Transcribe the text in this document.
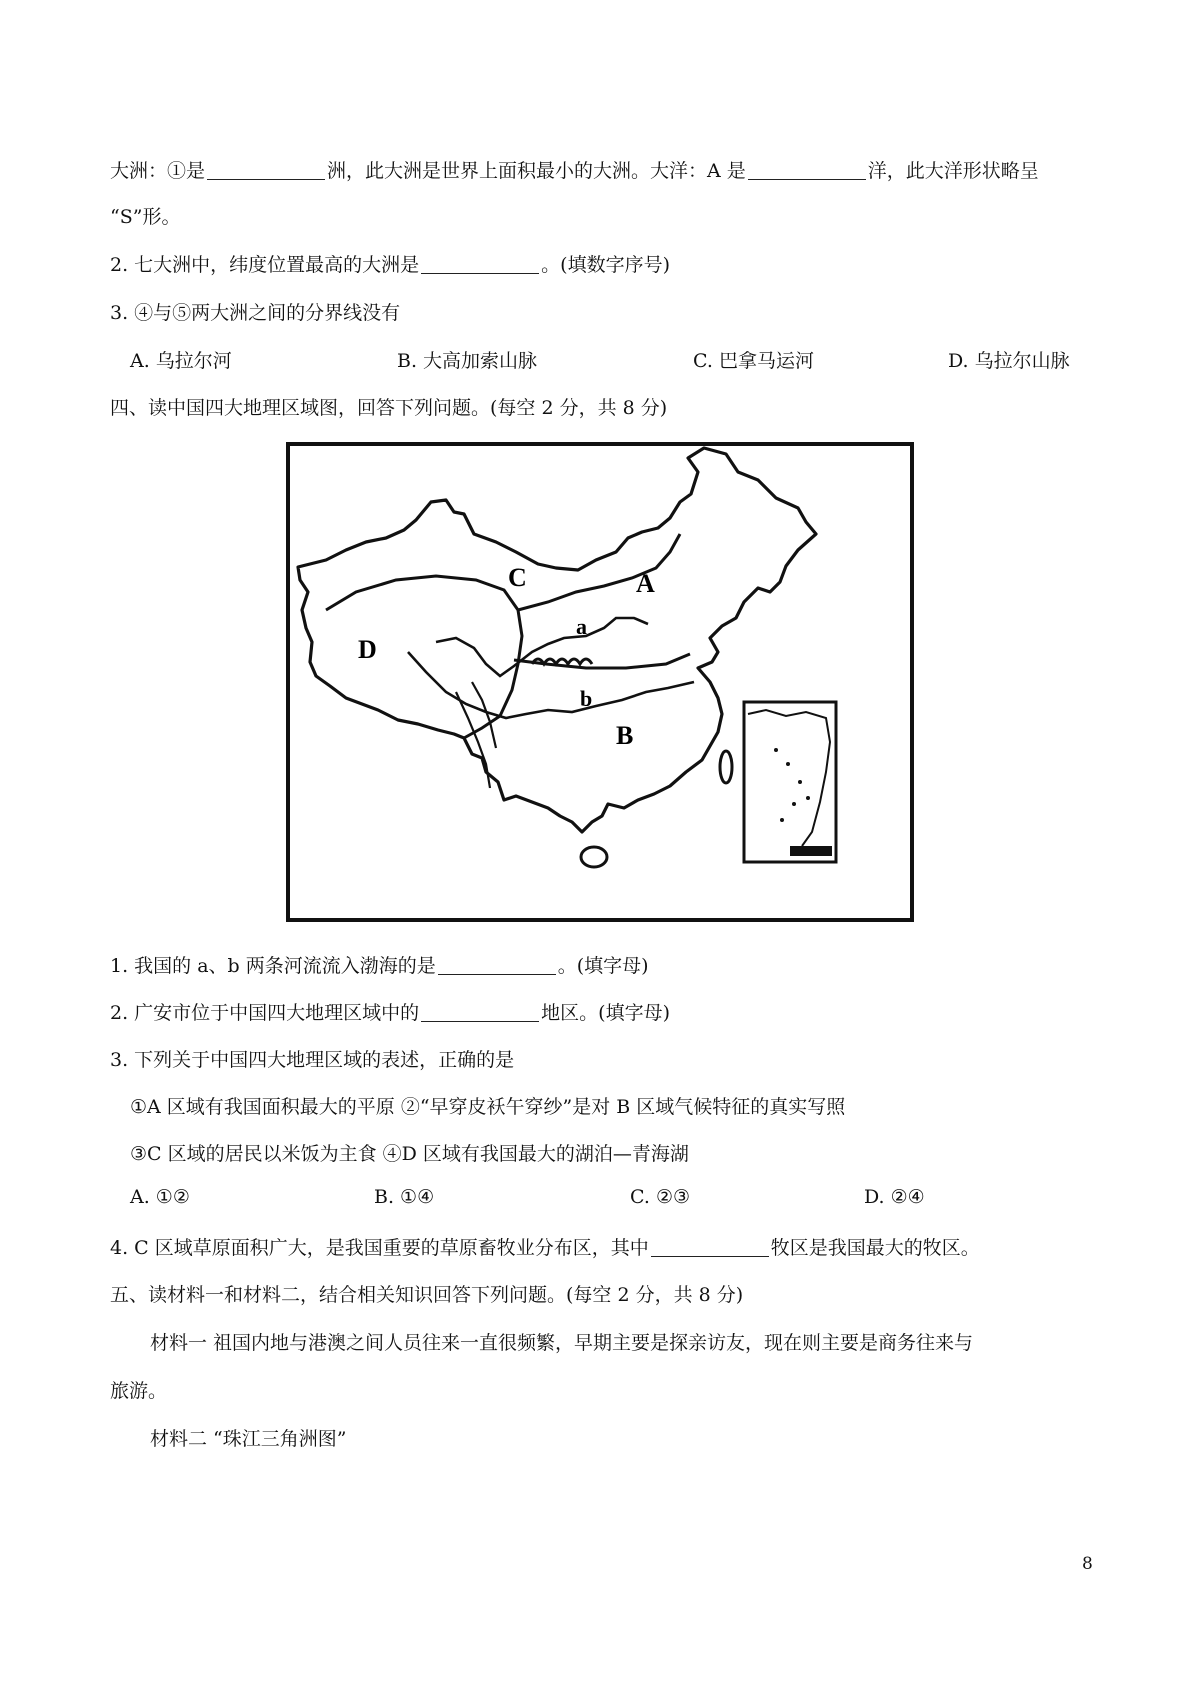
大洲：①是	洲，此大洲是世界上面积最小的大洲。大洋：A 是	洋，此大洋形状略呈
“S”形。
2. 七大洲中，纬度位置最高的大洲是	。(填数字序号)
3. ④与⑤两大洲之间的分界线没有
A. 乌拉尔河	B. 大高加索山脉	C. 巴拿马运河	D. 乌拉尔山脉
四、读中国四大地理区域图，回答下列问题。(每空 2 分，共 8 分)
C	A
D
B
a
b
1. 我国的 a、b 两条河流流入渤海的是	。(填字母)
2. 广安市位于中国四大地理区域中的	地区。(填字母)
3. 下列关于中国四大地理区域的表述，正确的是
①A 区域有我国面积最大的平原 ②“早穿皮袄午穿纱”是对 B 区域气候特征的真实写照
③C 区域的居民以米饭为主食 ④D 区域有我国最大的湖泊—青海湖
A. ①②	B. ①④	C. ②③	D. ②④
4. C 区域草原面积广大，是我国重要的草原畜牧业分布区，其中	牧区是我国最大的牧区。
五、读材料一和材料二，结合相关知识回答下列问题。(每空 2 分，共 8 分)
材料一 祖国内地与港澳之间人员往来一直很频繁，早期主要是探亲访友，现在则主要是商务往来与
旅游。
材料二 “珠江三角洲图”
8
